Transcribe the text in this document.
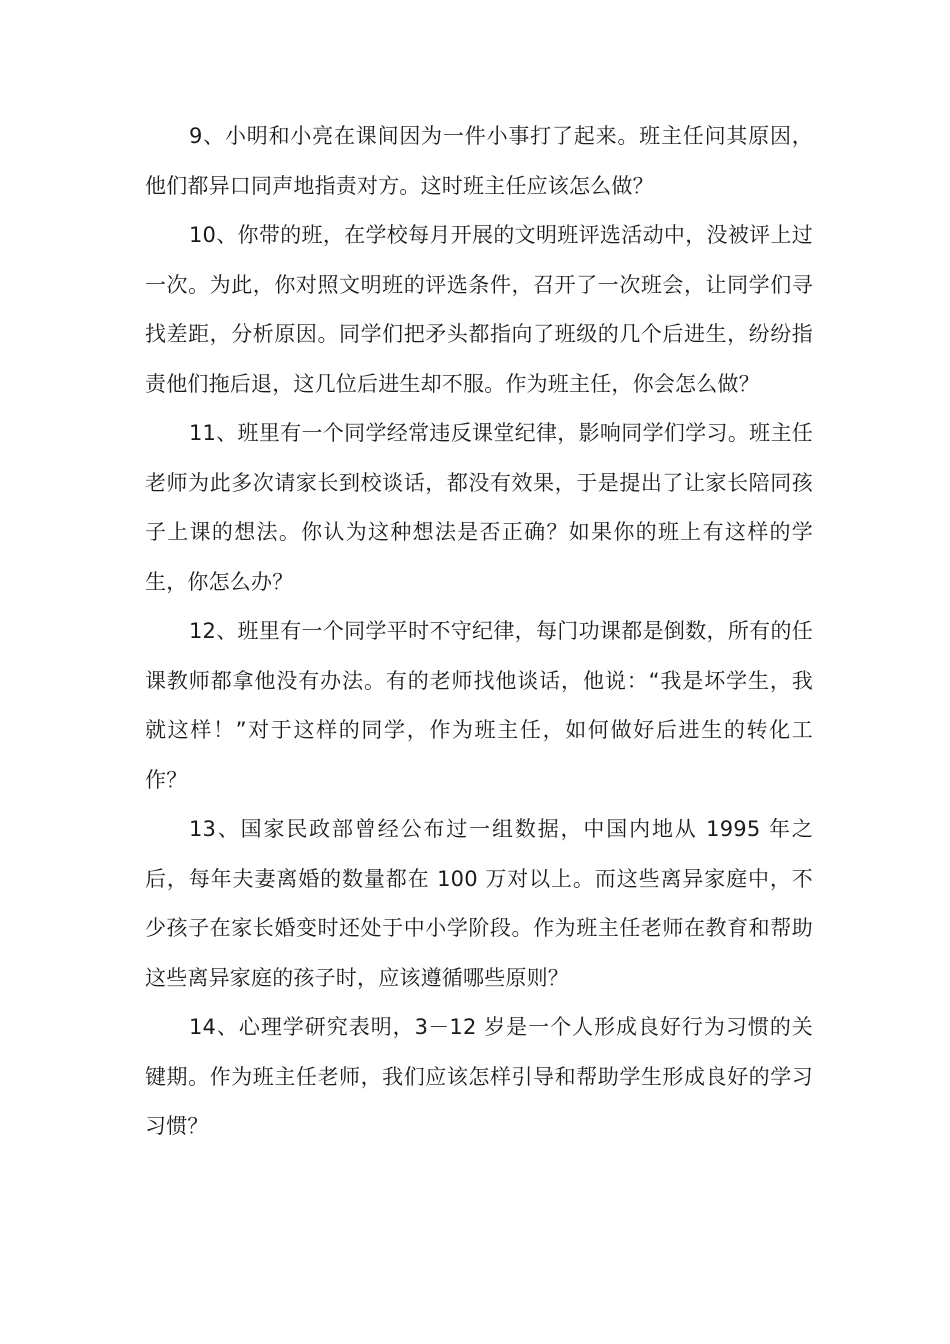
9、小明和小亮在课间因为一件小事打了起来。班主任问其原因，他们都异口同声地指责对方。这时班主任应该怎么做？

10、你带的班，在学校每月开展的文明班评选活动中，没被评上过一次。为此，你对照文明班的评选条件，召开了一次班会，让同学们寻找差距，分析原因。同学们把矛头都指向了班级的几个后进生，纷纷指责他们拖后退，这几位后进生却不服。作为班主任，你会怎么做？

11、班里有一个同学经常违反课堂纪律，影响同学们学习。班主任老师为此多次请家长到校谈话，都没有效果，于是提出了让家长陪同孩子上课的想法。你认为这种想法是否正确？如果你的班上有这样的学生，你怎么办？

12、班里有一个同学平时不守纪律，每门功课都是倒数，所有的任课教师都拿他没有办法。有的老师找他谈话，他说：“我是坏学生，我就这样！”对于这样的同学，作为班主任，如何做好后进生的转化工作？

13、国家民政部曾经公布过一组数据，中国内地从 1995 年之后，每年夫妻离婚的数量都在 100 万对以上。而这些离异家庭中，不少孩子在家长婚变时还处于中小学阶段。作为班主任老师在教育和帮助这些离异家庭的孩子时，应该遵循哪些原则？

14、心理学研究表明，3－12 岁是一个人形成良好行为习惯的关键期。作为班主任老师，我们应该怎样引导和帮助学生形成良好的学习习惯？
